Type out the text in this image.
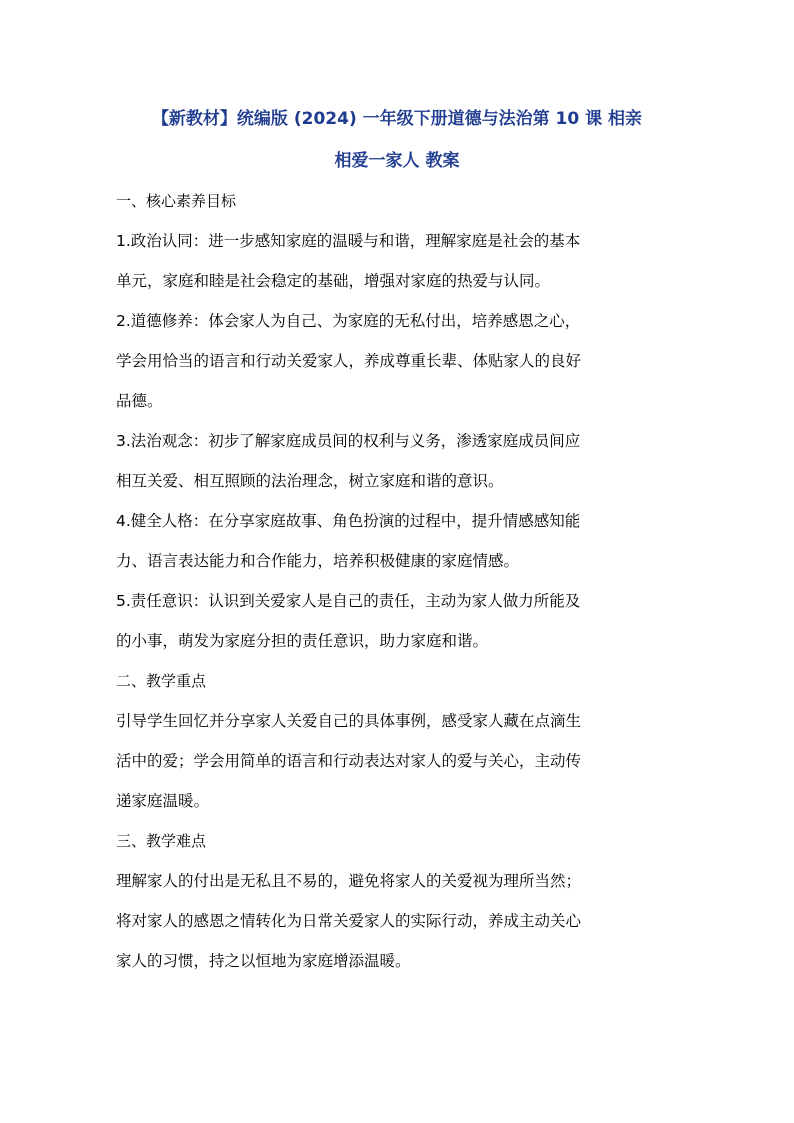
【新教材】统编版 (2024) 一年级下册道德与法治第 10 课 相亲
相爱一家人 教案
一、核心素养目标
1.政治认同：进一步感知家庭的温暖与和谐，理解家庭是社会的基本
单元，家庭和睦是社会稳定的基础，增强对家庭的热爱与认同。
2.道德修养：体会家人为自己、为家庭的无私付出，培养感恩之心，
学会用恰当的语言和行动关爱家人，养成尊重长辈、体贴家人的良好
品德。
3.法治观念：初步了解家庭成员间的权利与义务，渗透家庭成员间应
相互关爱、相互照顾的法治理念，树立家庭和谐的意识。
4.健全人格：在分享家庭故事、角色扮演的过程中，提升情感感知能
力、语言表达能力和合作能力，培养积极健康的家庭情感。
5.责任意识：认识到关爱家人是自己的责任，主动为家人做力所能及
的小事，萌发为家庭分担的责任意识，助力家庭和谐。
二、教学重点
引导学生回忆并分享家人关爱自己的具体事例，感受家人藏在点滴生
活中的爱；学会用简单的语言和行动表达对家人的爱与关心，主动传
递家庭温暖。
三、教学难点
理解家人的付出是无私且不易的，避免将家人的关爱视为理所当然；
将对家人的感恩之情转化为日常关爱家人的实际行动，养成主动关心
家人的习惯，持之以恒地为家庭增添温暖。
